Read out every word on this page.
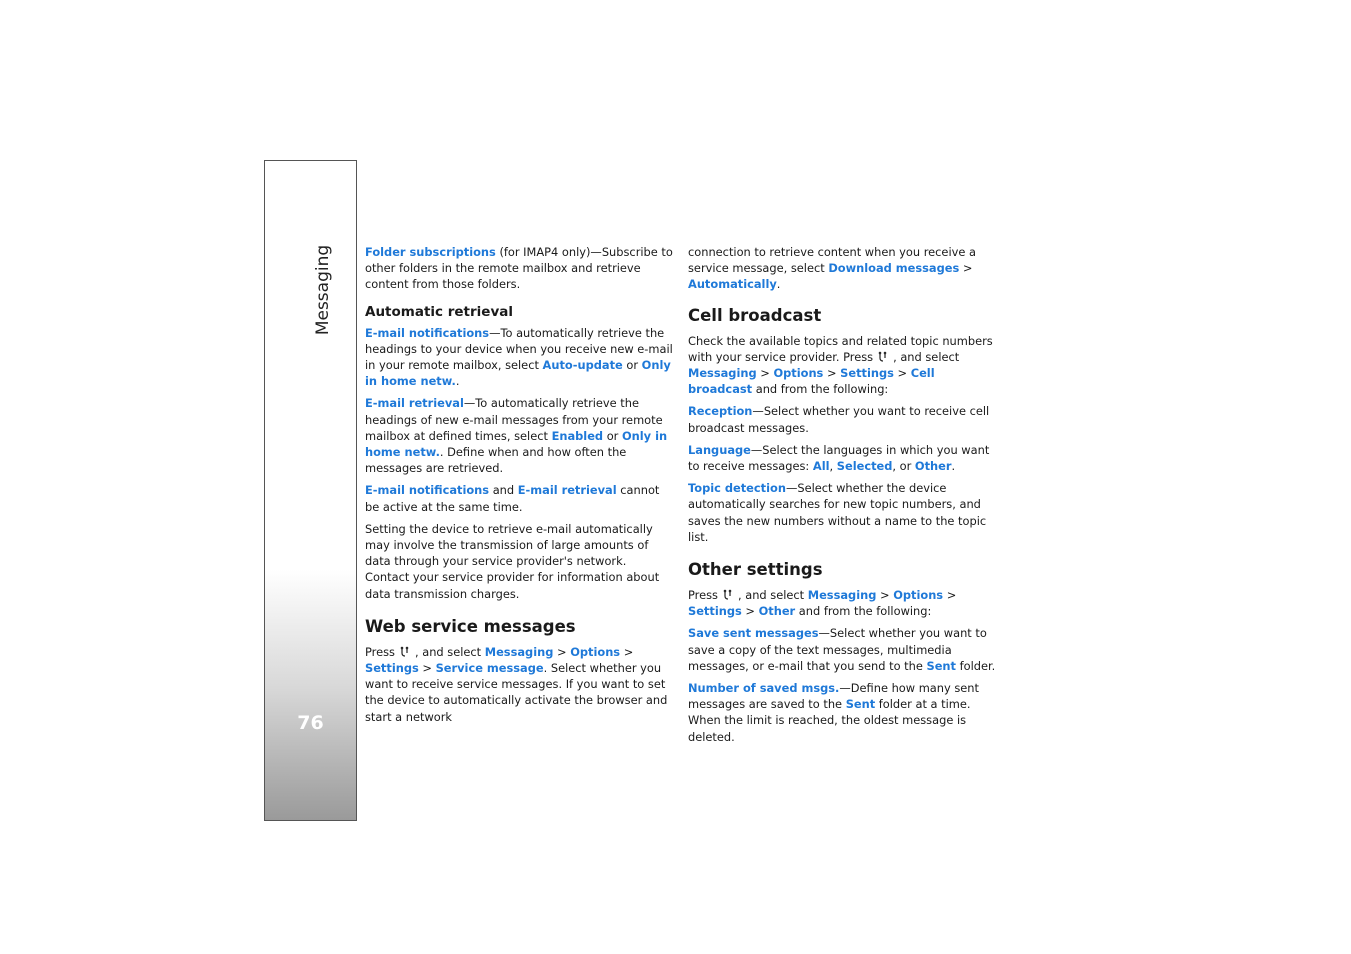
Messaging
76

Folder subscriptions (for IMAP4 only)—Subscribe to other folders in the remote mailbox and retrieve content from those folders.

Automatic retrieval

E-mail notifications—To automatically retrieve the headings to your device when you receive new e-mail in your remote mailbox, select Auto-update or Only in home netw..

E-mail retrieval—To automatically retrieve the headings of new e-mail messages from your remote mailbox at defined times, select Enabled or Only in home netw.. Define when and how often the messages are retrieved.

E-mail notifications and E-mail retrieval cannot be active at the same time.

Setting the device to retrieve e-mail automatically may involve the transmission of large amounts of data through your service provider's network. Contact your service provider for information about data transmission charges.

Web service messages

Press , and select Messaging > Options > Settings > Service message. Select whether you want to receive service messages. If you want to set the device to automatically activate the browser and start a network

connection to retrieve content when you receive a service message, select Download messages > Automatically.

Cell broadcast

Check the available topics and related topic numbers with your service provider. Press , and select Messaging > Options > Settings > Cell broadcast and from the following:

Reception—Select whether you want to receive cell broadcast messages.

Language—Select the languages in which you want to receive messages: All, Selected, or Other.

Topic detection—Select whether the device automatically searches for new topic numbers, and saves the new numbers without a name to the topic list.

Other settings

Press , and select Messaging > Options > Settings > Other and from the following:

Save sent messages—Select whether you want to save a copy of the text messages, multimedia messages, or e-mail that you send to the Sent folder.

Number of saved msgs.—Define how many sent messages are saved to the Sent folder at a time. When the limit is reached, the oldest message is deleted.
